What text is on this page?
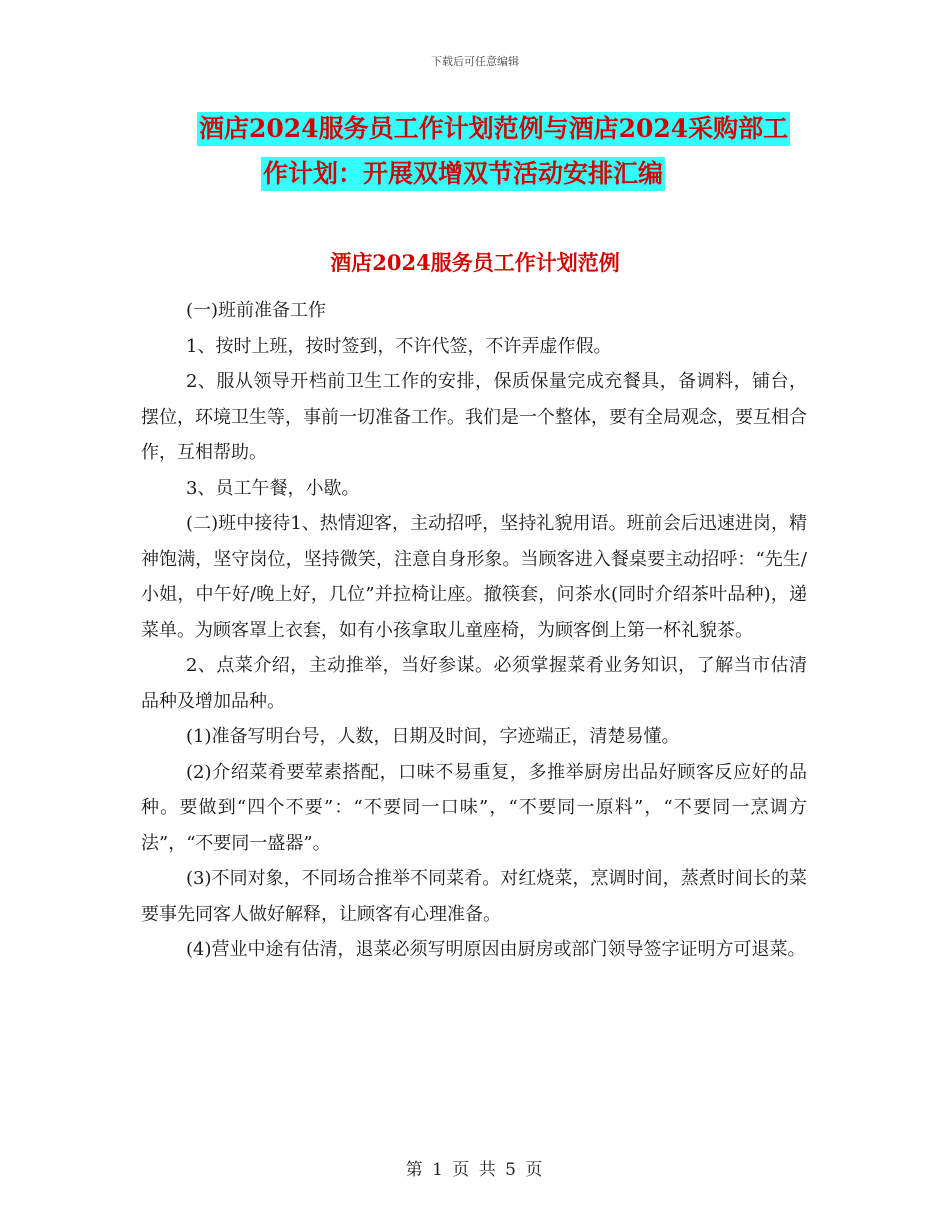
下载后可任意编辑
酒店2024服务员工作计划范例与酒店2024采购部工
作计划：开展双增双节活动安排汇编
酒店2024服务员工作计划范例

(一)班前准备工作

1、按时上班，按时签到，不许代签，不许弄虚作假。

2、服从领导开档前卫生工作的安排，保质保量完成充餐具，备调料，铺台，摆位，环境卫生等，事前一切准备工作。我们是一个整体，要有全局观念，要互相合作，互相帮助。

3、员工午餐，小歇。

(二)班中接待1、热情迎客，主动招呼，坚持礼貌用语。班前会后迅速进岗，精神饱满，坚守岗位，坚持微笑，注意自身形象。当顾客进入餐桌要主动招呼：“先生/小姐，中午好/晚上好，几位”并拉椅让座。撤筷套，问茶水(同时介绍茶叶品种)，递菜单。为顾客罩上衣套，如有小孩拿取儿童座椅，为顾客倒上第一杯礼貌茶。

2、点菜介绍，主动推举，当好参谋。必须掌握菜肴业务知识，了解当市估清品种及增加品种。

(1)准备写明台号，人数，日期及时间，字迹端正，清楚易懂。

(2)介绍菜肴要荤素搭配，口味不易重复，多推举厨房出品好顾客反应好的品种。要做到“四个不要”：“不要同一口味”，“不要同一原料”，“不要同一烹调方法”，“不要同一盛器”。

(3)不同对象，不同场合推举不同菜肴。对红烧菜，烹调时间，蒸煮时间长的菜要事先同客人做好解释，让顾客有心理准备。

(4)营业中途有估清，退菜必须写明原因由厨房或部门领导签字证明方可退菜。

第 1 页 共 5 页
